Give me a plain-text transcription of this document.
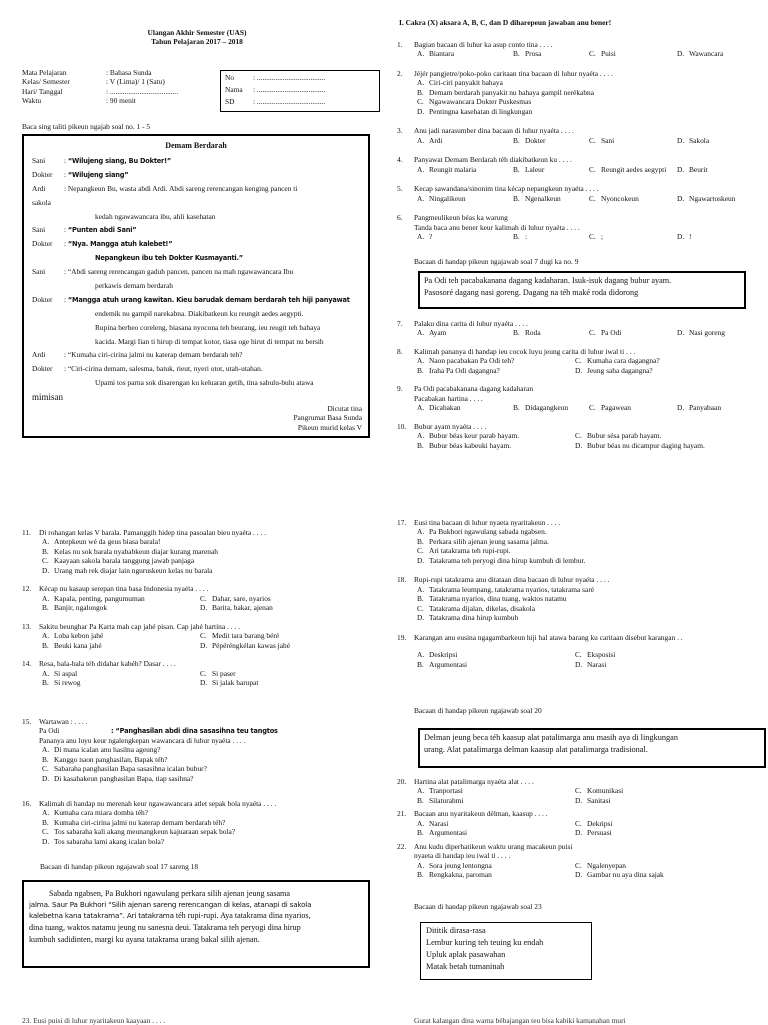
Ulangan Akhir Semester (UAS)
Tahun Pelajaran 2017 – 2018
Mata Pelajaran	: Bahasa Sunda
Kelas/ Semester	: V (Lima)/ 1 (Satu)
Hari/ Tanggal	: .....................................
Waktu	: 90 menit
No	: .....................................
Nama	: .....................................
SD	: .....................................
Baca sing taliti pikeun ngajab soal no. 1 - 5
Demam Berdarah
Sani	: “Wilujeng siang, Bu Dokter!”
Dokter : “Wilujeng siang”
Ardi : Nepangkeun Bu, wasta abdi Ardi. Abdi sareng rerencangan kenging pancen ti
sakola
kedah ngawawancara ibu, ahli kasehatan
Sani	: “Punten abdi Sani”
Dokter : “Nya. Mangga atuh kalebet!”
Nepangkeun ibu teh Dokter Kusmayanti.”
Sani	: “Abdi sareng rerencangan gaduh pancen, pancen na mah ngawawancara Ibu
perkawis demam berdarah
Dokter : “Mangga atuh urang kawitan. Kieu barudak demam berdarah teh hiji panyawat
endemik nu gampil narekabna. Diakibatkeun ku reungit aedes aegypti.
Rupina berbeo coreleng, biasana nyocona teh beurang, ieu reugit teh bahaya
kacida. Margi Iian ti hirup di tempat kotor, tiasa oge hirut di tempat nu bersih
Ardi : “Kumaha ciri-cirina jalmi nu katerap demam berdarah teh?
Dokter : “Ciri-cirina demam, salesma, batuk, rieut, nyeri otot, utah-utahan.
Upami tos parna sok disarengan ku keluaran getih, tina sabulu-bulu atawa
mimisan
Dicutat tina
Pangrumat Basa Sunda
Pikeun murid kelas V
I. Cakra (X) aksara A, B, C, dan D diharepeun jawaban anu bener!
1. Bagian bacaan di luhur ka asup conto tina . . . .
A. Biantara	B. Prosa	C. Puisi	D. Wawancara
2. Jéjér pangjetre/poko-poko caritaan tina bacaan di luhur nyaéta . . . .
A. Ciri-ciri panyakit bahaya
B. Demam berdarah panyakit nu bahaya gampil nerékabna
C. Ngawawancara Dokter Puskesmas
D. Pentingna kasehatan di lingkungan
3. Anu jadi narasumber dina bacaan di luhur nyaéta . . . .
A. Ardi	B. Dokter	C. Sani	D. Sakola
4. Panyawat Demam Berdarah téh diakibatkeun ku . . . .
A. Reungit malaria	B. Laleur	C. Reungit aedes aegypti	D. Beurit
5. Kecap sawandana/sinonim tina kécap nepangkeun nyaéta . . . .
A. Ningalikeun	B. Ngenalkeun	C. Nyoncokeun	D. Ngawartoskeun
6. Pangmeulikeun béas ka warung
Tanda baca anu bener keur kalimah di luhur nyaéta . . . .
A. ?	B. :	C. ;	D. !
Bacaan di handap pikeun ngajawab soal 7 dugi ka no. 9
Pa Odi teh pacabakanana dagang kadaharan. Isuk-isuk dagang bubur ayam.
Pasosoré dagang nasi goreng. Dagang na téh maké roda didorong
7. Palaku dina carita di luhur nyaéta . . . .
A. Ayam	B. Roda	C. Pa Odi	D. Nasi goreng
8. Kalimah pananya di handap ieu cocok luyu jeung carita di luhur iwal ti . . .
A. Naon pacabakan Pa Odi teh?	C. Kumaha cara dagangna?
B. Iraha Pa Odi dagangna?	D. Jeung saha dagangna?
9. Pa Odi pacabakanana dagang kadaharan
Pacabakan hartina . . . .
A. Dicabakan	B. Didagangkeun	C. Pagawean	D. Panyabaan
10. Bubur ayam nyaéta . . . .
A. Bubur béas keur parab hayam.	C. Bubur sésa parab hayam.
B. Bubur béas kabeuki hayam.	D. Bubur béas nu dicampur daging hayam.
11. Di rohangan kelas V barala. Pamanggih hidep tina pasoalan bieu nyaéta . . . .
A. Antepkeun wé da geus biasa barala!
B. Kelas nu sok barala nyababkeun diajar kurang marenah
C. Kaayaan sakola barala tanggung jawab panjaga
D. Urang mah rek diajar lain nguruskeun kelas nu barala
12. Kécap nu kasaup serepan tina basa Indonesia nyaéta . . . .
A. Kapala, penting, pangumuman	C. Dahar, sare, nyarios
B. Banjir, ngalongok	D. Barita, bakar, ajenan
13. Sakitu beunghar Pa Karta mah cap jahé pisan. Cap jahé hartina . . . .
A. Loba kebon jahé	C. Medit tara barang béré
B. Beuki kana jahé	D. Pépéréngkélan kawas jahé
14. Resa, bala-bala téh didahar kabéh? Dasar . . . .
A. Si aspal	C. Si paser
B. Si rewog	D. Si jalak harupat
15. Wartawan : . . . .
Pa Odi	: “Panghasilan abdi dina sasasihna teu tangtos
Pananya anu luyu keur ngalengkepan wawancara di luhur nyaéta . . . .
A. Di mana icalan anu hasilna ageung?
B. Kanggo naon panghasilan, Bapak téh?
C. Sabaraha panghasilan Bapa sasasihna icalan bubur?
D. Di kasahakeun panghasilan Bapa, tiap sasihna?
16. Kalimah di handap nu merenah keur ngawawancara atlet sepak bola nyaéta . . . .
A. Kumaha cara miara domba téh?
B. Kumaha ciri-cirina jalmi nu katerap demam berdarah téh?
C. Tos sabaraha kali akang meunangkeun kajuaraan sepak bola?
D. Tos sabaraha lami akang icalan bola?
Bacaan di handap pikeun ngajawab soal 17 sareng 18
Sabada ngabsen, Pa Bukhori ngawulang perkara silih ajenan jeung sasama
jalma. Saur Pa Bukhori “Silih ajenan sareng rerencangan di kelas, atanapi di sakola
kalebetna kana tatakrama”. Ari tatakrama téh rupi-rupi. Aya tatakrama dina nyarios,
dina tuang, waktos natamu jeung nu sanesna deui. Tatakrama teh peryogi dina hirup
kumbuh sadidinten, margi ku ayana tatakrama urang bakal silih ajenan.
17. Eusi tina bacaan di luhur nyaeta nyaritakeun . . . .
A. Pa Bukhori ngawulang sabada ngabsen.
B. Perkara silih ajenan jeung sasama jalma.
C. Ari tatakrama teh rupi-rupi.
D. Tatakrama teh peryogi dina hirup kumbuh di lembur.
18. Rupi-rupi tatakrama anu ditataan dina bacaan di luhur nyaéta . . . .
A. Tatakrama leumpang, tatakrama nyarios, tatakrama saré
B. Tatakrama nyarios, dina tuang, waktos natamu
C. Tatakrama dijalan, dikelas, disakola
D. Tatakrama dina hirup kumbuh
19. Karangan anu eusina ngagambarkeun hiji hal atawa barang ku caritaan disebut karangan . .
A. Deskripsi	C. Eksposisi
B. Argumentasi	D. Narasi
Bacaan di handap pikeun ngajawab soal 20
Delman jeung beca téh kaasup alat patalimarga anu masih aya di lingkungan
urang. Alat patalimarga delman kaasup alat patalimarga tradisional.
20. Hartina alat patalimarga nyaéta alat . . . .
A. Tranportasi	C. Komunikasi
B. Silaturahmi	D. Sanitasi
21. Bacaan anu nyaritakeun délman, kaasup . . . .
A. Narasi	C. Dekripsi
B. Argumentasi	D. Persuasi
22. Anu kudu diperhatikeun waktu urang macakeun puisi
nyaeta di handap ieu iwal ti . . . .
A. Sora jeung lentongna	C. Ngalenyepan
B. Rengkakna, paroman	D. Gambar nu aya dina sajak
Bacaan di handap pikeun ngajawab soal 23
Dititik dirasa-rasa
Lembur kuring teh teuing ku endah
Upluk aplak pasawahan
Matak betah tumaninah
23. Eusi puisi di luhur nyaritakeun kaayaan . . . .	Gurat kalangan dina warna bébajangan teu bisa kabiki kamanahan muri
